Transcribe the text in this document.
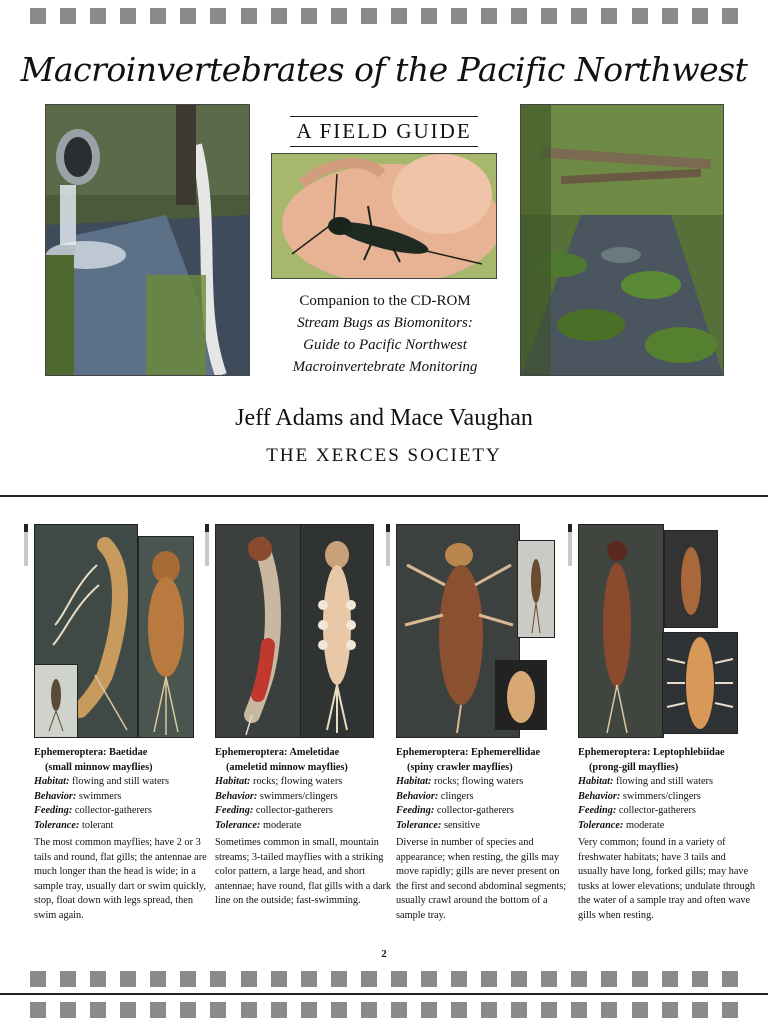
Macroinvertebrates of the Pacific Northwest
A FIELD GUIDE
Companion to the CD-ROM
Stream Bugs as Biomonitors:
Guide to Pacific Northwest
Macroinvertebrate Monitoring
Jeff Adams and Mace Vaughan
THE XERCES SOCIETY
Ephemeroptera: Baetidae
(small minnow mayflies)
Habitat: flowing and still waters
Behavior: swimmers
Feeding: collector-gatherers
Tolerance: tolerant
The most common mayflies; have 2 or 3 tails and round, flat gills; the antennae are much longer than the head is wide; in a sample tray, usually dart or swim quickly, stop, float down with legs spread, then swim again.
Ephemeroptera: Ameletidae
(ameletid minnow mayflies)
Habitat: rocks; flowing waters
Behavior: swimmers/clingers
Feeding: collector-gatherers
Tolerance: moderate
Sometimes common in small, mountain streams; 3-tailed mayflies with a striking color pattern, a large head, and short antennae; have round, flat gills with a dark line on the outside; fast-swimming.
Ephemeroptera: Ephemerellidae
(spiny crawler mayflies)
Habitat: rocks; flowing waters
Behavior: clingers
Feeding: collector-gatherers
Tolerance: sensitive
Diverse in number of species and appearance; when resting, the gills may move rapidly; gills are never present on the first and second abdominal segments; usually crawl around the bottom of a sample tray.
Ephemeroptera: Leptophlebiidae
(prong-gill mayflies)
Habitat: flowing and still waters
Behavior: swimmers/clingers
Feeding: collector-gatherers
Tolerance: moderate
Very common; found in a variety of freshwater habitats; have 3 tails and usually have long, forked gills; may have tusks at lower elevations; undulate through the water of a sample tray and often wave gills when resting.
2
